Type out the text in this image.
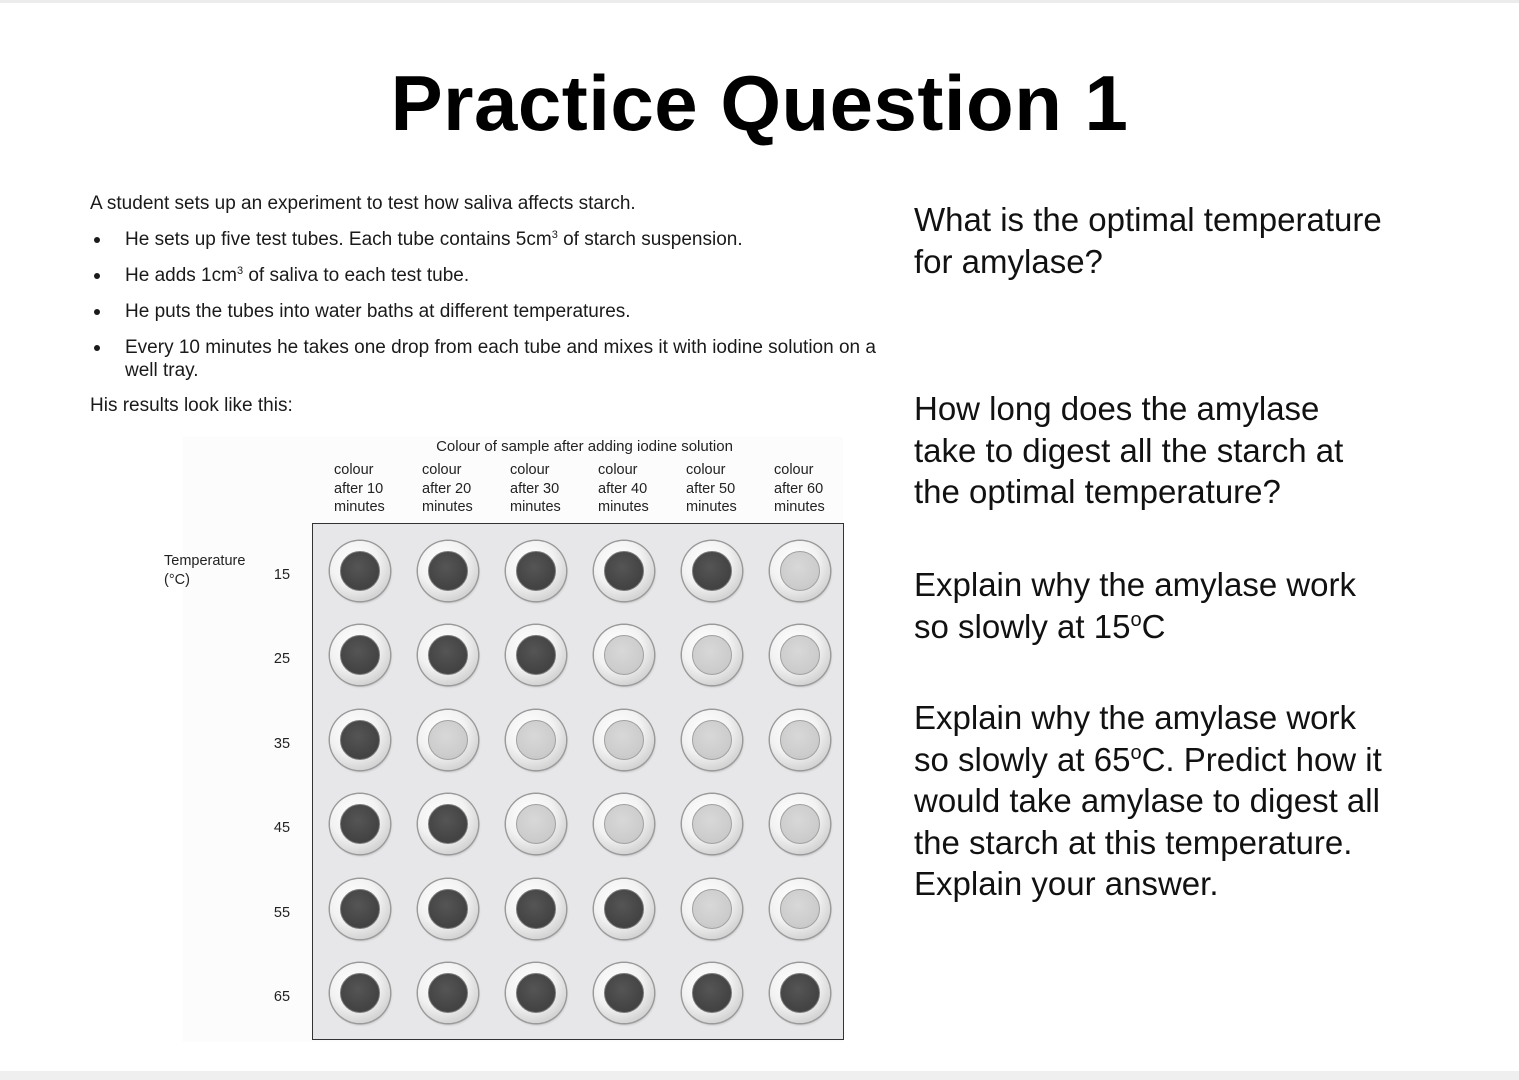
Practice Question 1
A student sets up an experiment to test how saliva affects starch.
He sets up five test tubes. Each tube contains $5cm^3$ of starch suspension.
He adds $1cm^3$ of saliva to each test tube.
He puts the tubes into water baths at different temperatures.
Every 10 minutes he takes one drop from each tube and mixes it with iodine solution on a
well tray.
His results look like this:
Colour of sample after adding iodine solution
colour
after 10
minutes
colour
after 20
minutes
colour
after 30
minutes
colour
after 40
minutes
colour
after 50
minutes
colour
after 60
minutes
Temperature
(°C)	15
25
35
45
55
65
What is the optimal temperature
for amylase?
How long does the amylase
take to digest all the starch at
the optimal temperature?
Explain why the amylase work
so slowly at 15$^o$C
Explain why the amylase work
so slowly at 65$^o$C. Predict how it
would take amylase to digest all
the starch at this temperature.
Explain your answer.
